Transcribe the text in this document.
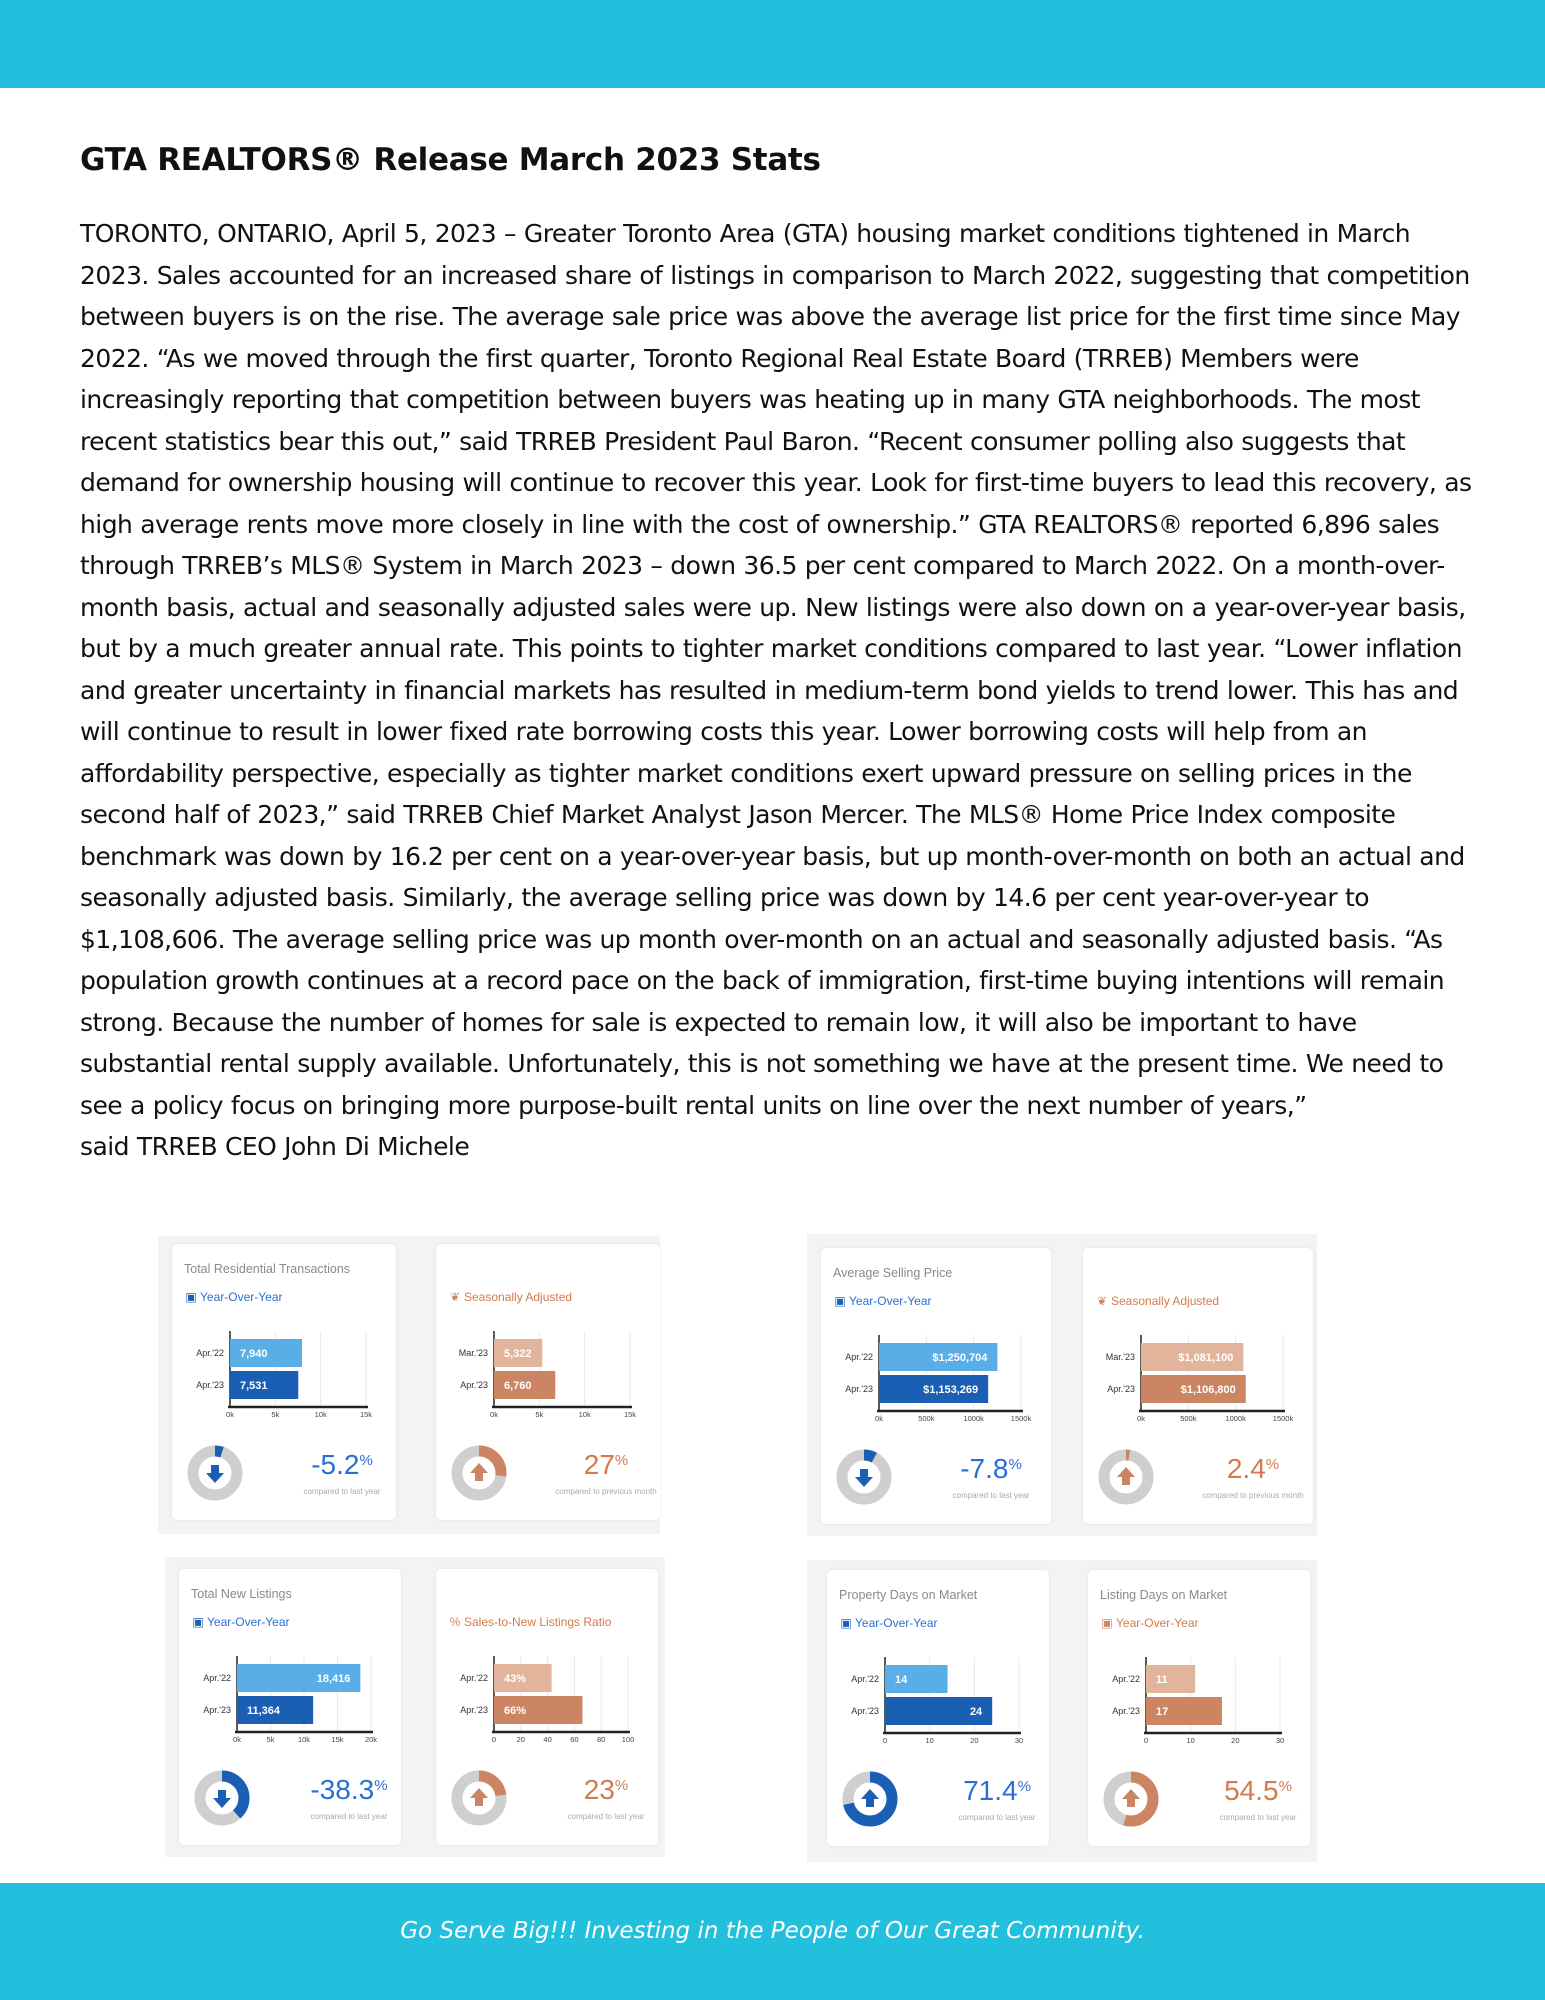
GTA REALTORS® Release March 2023 Stats

TORONTO, ONTARIO, April 5, 2023 – Greater Toronto Area (GTA) housing market conditions tightened in March 2023. Sales accounted for an increased share of listings in comparison to March 2022, suggesting that competition between buyers is on the rise. The average sale price was above the average list price for the first time since May 2022. “As we moved through the first quarter, Toronto Regional Real Estate Board (TRREB) Members were increasingly reporting that competition between buyers was heating up in many GTA neighborhoods. The most recent statistics bear this out,” said TRREB President Paul Baron. “Recent consumer polling also suggests that demand for ownership housing will continue to recover this year. Look for first-time buyers to lead this recovery, as high average rents move more closely in line with the cost of ownership.” GTA REALTORS® reported 6,896 sales through TRREB’s MLS® System in March 2023 – down 36.5 per cent compared to March 2022. On a month-over-month basis, actual and seasonally adjusted sales were up. New listings were also down on a year-over-year basis, but by a much greater annual rate. This points to tighter market conditions compared to last year. “Lower inflation and greater uncertainty in financial markets has resulted in medium-term bond yields to trend lower. This has and will continue to result in lower fixed rate borrowing costs this year. Lower borrowing costs will help from an affordability perspective, especially as tighter market conditions exert upward pressure on selling prices in the second half of 2023,” said TRREB Chief Market Analyst Jason Mercer. The MLS® Home Price Index composite benchmark was down by 16.2 per cent on a year-over-year basis, but up month-over-month on both an actual and seasonally adjusted basis. Similarly, the average selling price was down by 14.6 per cent year-over-year to $1,108,606. The average selling price was up month over-month on an actual and seasonally adjusted basis. “As population growth continues at a record pace on the back of immigration, first-time buying intentions will remain strong. Because the number of homes for sale is expected to remain low, it will also be important to have substantial rental supply available. Unfortunately, this is not something we have at the present time. We need to see a policy focus on bringing more purpose-built rental units on line over the next number of years,”

said TRREB CEO John Di Michele

Total Residential Transactions
▣ Year-Over-Year
Apr.'22 7,940
Apr.'23 7,531
0k	5k	10k	15k
-5.2%
compared to last year
❦ Seasonally Adjusted
Mar.'23 5,322
Apr.'23 6,760
0k	5k	10k	15k
27%
compared to previous month
Average Selling Price
▣ Year-Over-Year
Apr.'22	$1,250,704
Apr.'23	$1,153,269
0k	500k	1000k	1500k
-7.8%
compared to last year
❦ Seasonally Adjusted
Mar.'23	$1,081,100
Apr.'23	$1,106,800
0k	500k	1000k	1500k
2.4%
compared to previous month
Total New Listings
▣ Year-Over-Year
Apr.'22	18,416
Apr.'23 11,364
0k	5k	10k	15k	20k
-38.3%
compared to last year
% Sales-to-New Listings Ratio
Apr.'22 43%
Apr.'23 66%
0	20 40 60 80 100
23%
compared to last year
Property Days on Market
▣ Year-Over-Year
Apr.'22 14
Apr.'23	24
0	10	20	30
71.4%
compared to last year
Listing Days on Market
▣ Year-Over-Year
Apr.'22 11
Apr.'23 17
0	10	20	30
54.5%
compared to last year
Go Serve Big!!! Investing in the People of Our Great Community.
